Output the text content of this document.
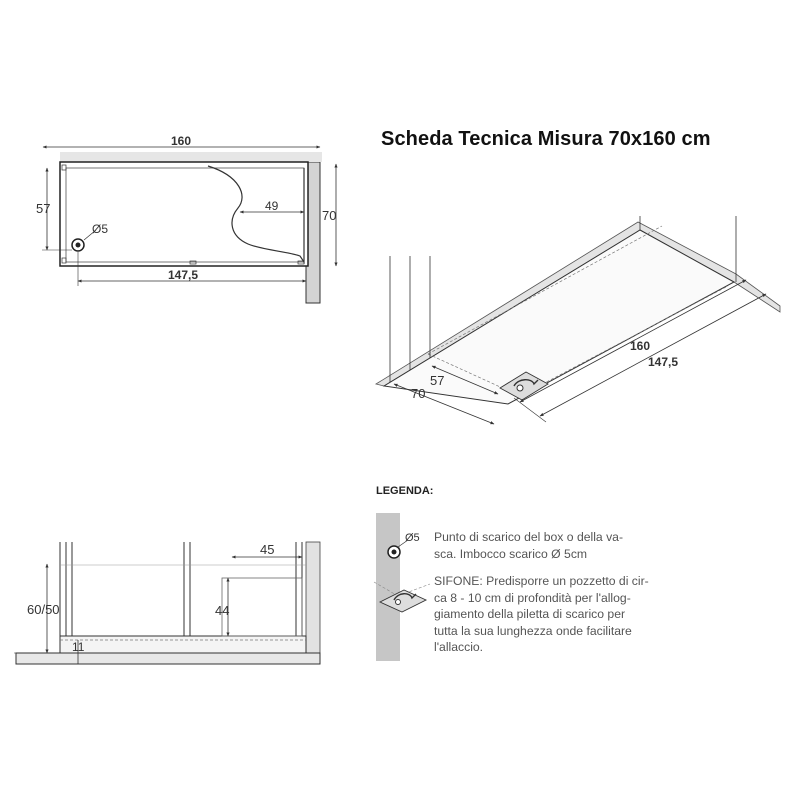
Scheda Tecnica Misura 70x160 cm
160
70
57	49
Ø5
147,5
160
147,5
57
70
60/50	44
45
11
Ø5
LEGENDA:
Punto di scarico del box o della va-
sca. Imbocco scarico Ø 5cm
SIFONE: Predisporre un pozzetto di cir-
ca 8 - 10 cm di profondità per l'allog-
giamento della piletta di scarico per
tutta la sua lunghezza onde facilitare
l'allaccio.
